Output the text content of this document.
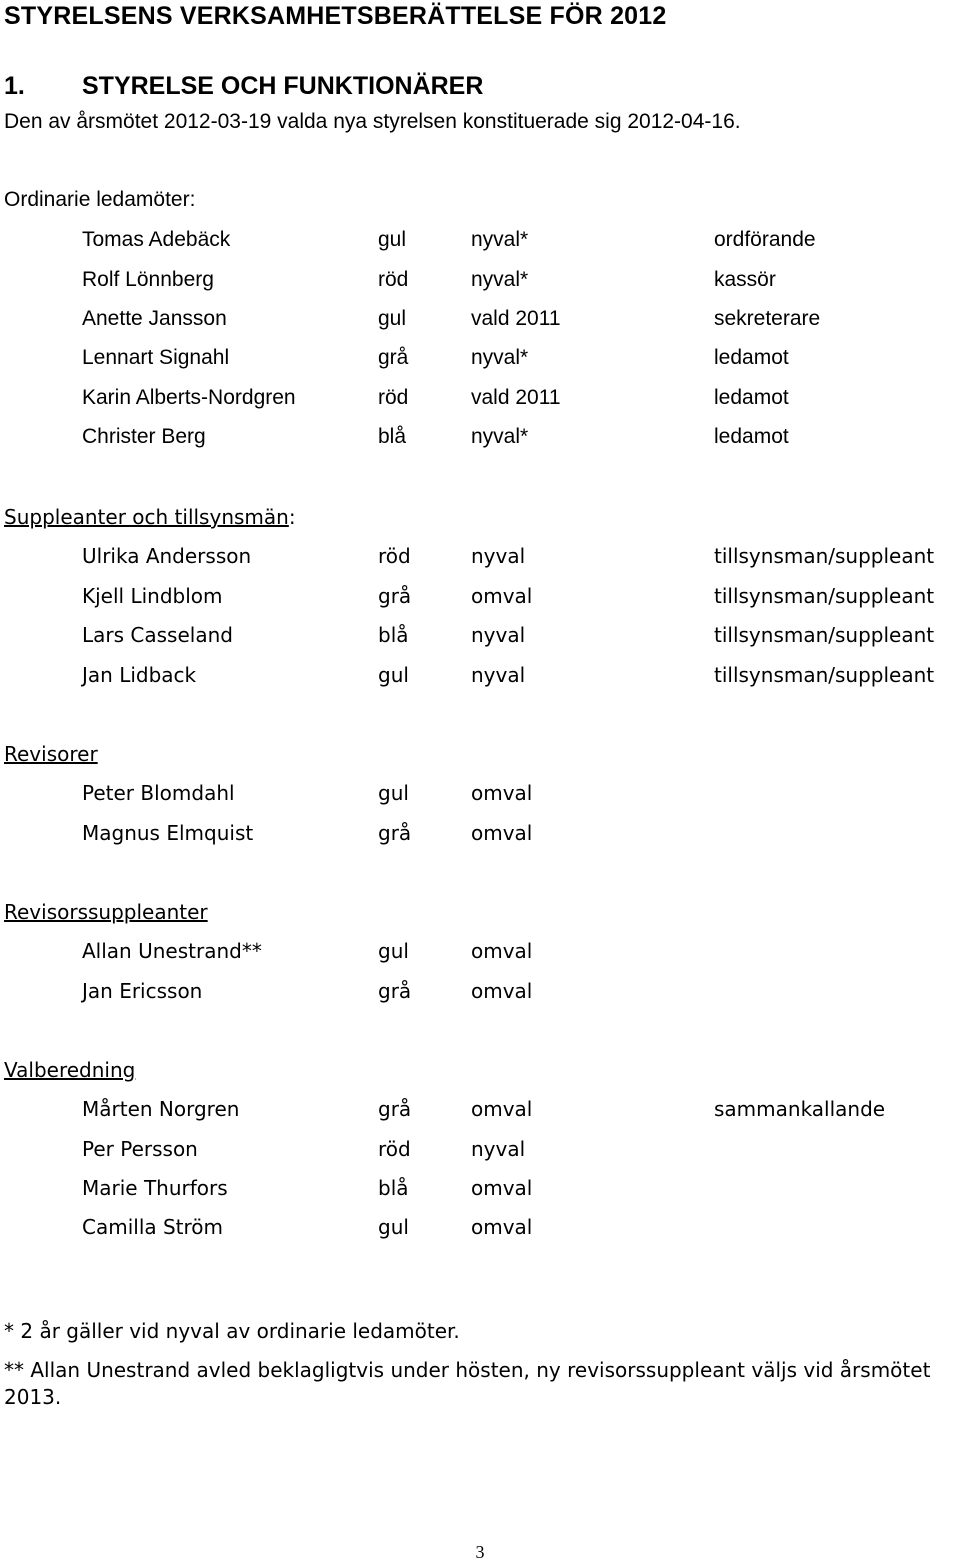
STYRELSENS VERKSAMHETSBERÄTTELSE FÖR 2012
1. STYRELSE OCH FUNKTIONÄRER
Den av årsmötet 2012-03-19 valda nya styrelsen konstituerade sig 2012-04-16.
Ordinarie ledamöter:
Tomas Adebäck	gul	nyval*	ordförande
Rolf Lönnberg	röd	nyval*	kassör
Anette Jansson	gul	vald 2011	sekreterare
Lennart Signahl	grå	nyval*	ledamot
Karin Alberts-Nordgren	röd	vald 2011	ledamot
Christer Berg	blå	nyval*	ledamot
Suppleanter och tillsynsmän:
Ulrika Andersson	röd	nyval	tillsynsman/suppleant
Kjell Lindblom	grå	omval	tillsynsman/suppleant
Lars Casseland	blå	nyval	tillsynsman/suppleant
Jan Lidback	gul	nyval	tillsynsman/suppleant
Revisorer
Peter Blomdahl	gul	omval
Magnus Elmquist	grå	omval
Revisorssuppleanter
Allan Unestrand**	gul	omval
Jan Ericsson	grå	omval
Valberedning
Mårten Norgren	grå	omval	sammankallande
Per Persson	röd	nyval
Marie Thurfors	blå	omval
Camilla Ström	gul	omval
* 2 år gäller vid nyval av ordinarie ledamöter.
** Allan Unestrand avled beklagligtvis under hösten, ny revisorssuppleant väljs vid årsmötet 2013.
3
